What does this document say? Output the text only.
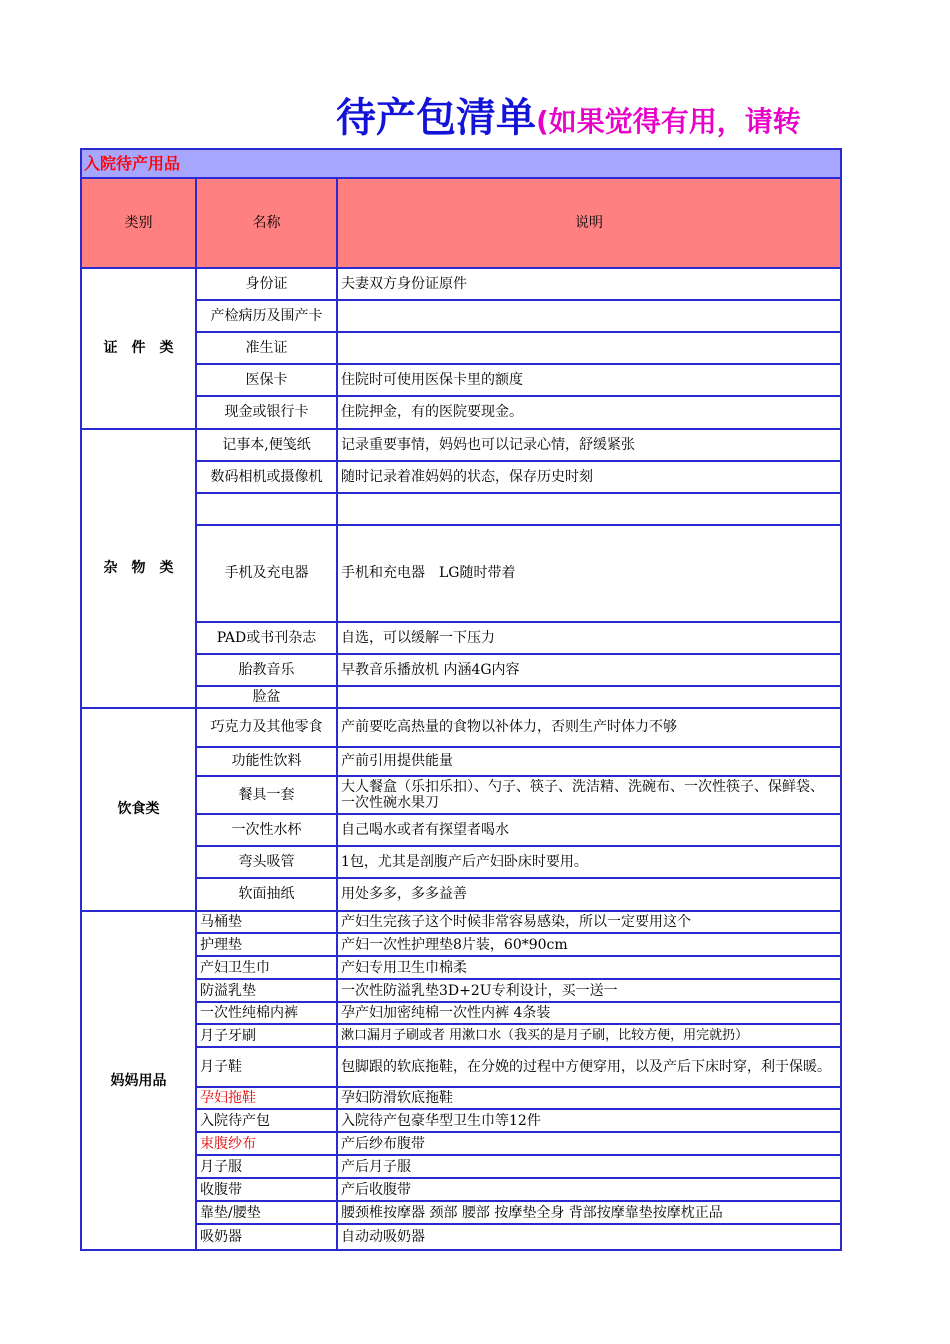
待产包清单(如果觉得有用，请转
入院待产用品		
类别	名称	说明
证　件　类	身份证	夫妻双方身份证原件
	产检病历及围产卡	
	准生证	
	医保卡	住院时可使用医保卡里的额度
	现金或银行卡	住院押金，有的医院要现金。
杂　物　类	记事本,便笺纸	记录重要事情，妈妈也可以记录心情，舒缓紧张
	数码相机或摄像机	随时记录着准妈妈的状态，保存历史时刻

	手机及充电器	手机和充电器　LG随时带着
	PAD或书刊杂志	自选，可以缓解一下压力
	胎教音乐	早教音乐播放机 内涵4G内容
	脸盆	
饮食类	巧克力及其他零食	产前要吃高热量的食物以补体力，否则生产时体力不够
	功能性饮料	产前引用提供能量
	餐具一套	大人餐盒（乐扣乐扣）、勺子、筷子、洗洁精、洗碗布、一次性筷子、保鲜袋、一次性碗水果刀
	一次性水杯	自己喝水或者有探望者喝水
	弯头吸管	1包，尤其是剖腹产后产妇卧床时要用。
	软面抽纸	用处多多，多多益善
妈妈用品	马桶垫	产妇生完孩子这个时候非常容易感染，所以一定要用这个
	护理垫	产妇一次性护理垫8片装，60*90cm
	产妇卫生巾	产妇专用卫生巾棉柔
	防溢乳垫	一次性防溢乳垫3D+2U专利设计，买一送一
	一次性纯棉内裤	孕产妇加密纯棉一次性内裤 4条装
	月子牙刷	漱口漏月子刷或者 用漱口水（我买的是月子刷，比较方便，用完就扔）
	月子鞋	包脚跟的软底拖鞋，在分娩的过程中方便穿用，以及产后下床时穿，利于保暖。
	孕妇拖鞋	孕妇防滑软底拖鞋
	入院待产包	入院待产包豪华型卫生巾等12件
	束腹纱布	产后纱布腹带
	月子服	产后月子服
	收腹带	产后收腹带
	靠垫/腰垫	腰颈椎按摩器 颈部 腰部 按摩垫全身 背部按摩靠垫按摩枕正品
	吸奶器	自动动吸奶器
